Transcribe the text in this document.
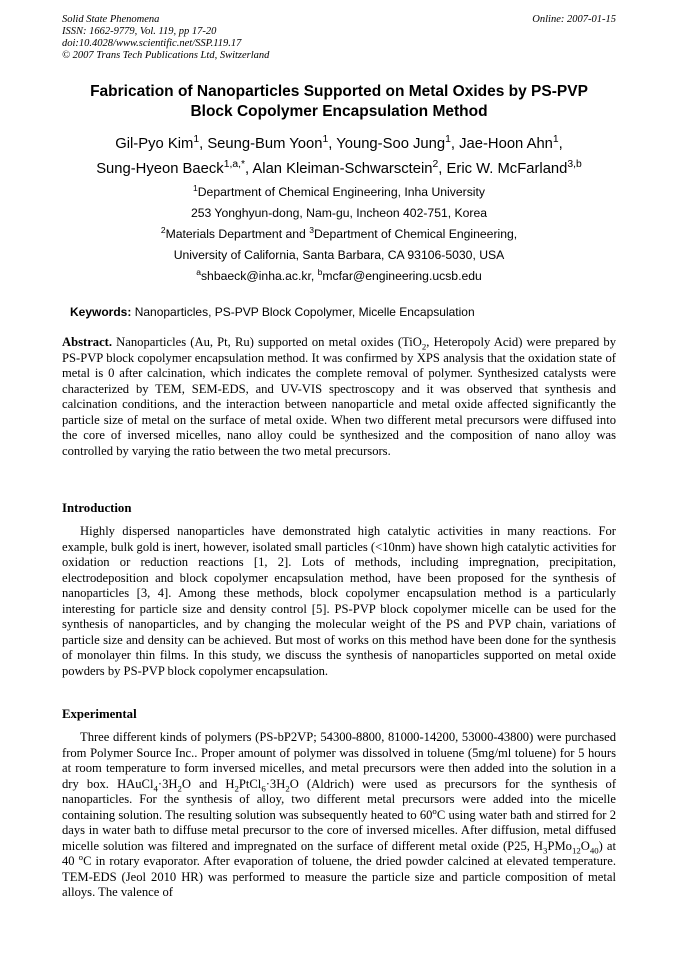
Solid State Phenomena
ISSN: 1662-9779, Vol. 119, pp 17-20
doi:10.4028/www.scientific.net/SSP.119.17
© 2007 Trans Tech Publications Ltd, Switzerland
Online: 2007-01-15
Fabrication of Nanoparticles Supported on Metal Oxides by PS-PVP
Block Copolymer Encapsulation Method
Gil-Pyo Kim$^1$, Seung-Bum Yoon$^1$, Young-Soo Jung$^1$, Jae-Hoon Ahn$^1$,
Sung-Hyeon Baeck$^{1,a,*}$, Alan Kleiman-Schwarsctein$^2$, Eric W. McFarland$^{3,b}$
$^1$Department of Chemical Engineering, Inha University
253 Yonghyun-dong, Nam-gu, Incheon 402-751, Korea
$^2$Materials Department and $^3$Department of Chemical Engineering,
University of California, Santa Barbara, CA 93106-5030, USA
$^a$shbaeck@inha.ac.kr, $^b$mcfar@engineering.ucsb.edu
Keywords: Nanoparticles, PS-PVP Block Copolymer, Micelle Encapsulation
Abstract. Nanoparticles (Au, Pt, Ru) supported on metal oxides (TiO$_2$, Heteropoly Acid) were prepared by PS-PVP block copolymer encapsulation method. It was confirmed by XPS analysis that the oxidation state of metal is 0 after calcination, which indicates the complete removal of polymer. Synthesized catalysts were characterized by TEM, SEM-EDS, and UV-VIS spectroscopy and it was observed that synthesis and calcination conditions, and the interaction between nanoparticle and metal oxide affected significantly the particle size of metal on the surface of metal oxide. When two different metal precursors were diffused into the core of inversed micelles, nano alloy could be synthesized and the composition of nano alloy was controlled by varying the ratio between the two metal precursors.
Introduction
Highly dispersed nanoparticles have demonstrated high catalytic activities in many reactions. For example, bulk gold is inert, however, isolated small particles (<10nm) have shown high catalytic activities for oxidation or reduction reactions [1, 2]. Lots of methods, including impregnation, precipitation, electrodeposition and block copolymer encapsulation method, have been proposed for the synthesis of nanoparticles [3, 4]. Among these methods, block copolymer encapsulation method is a particularly interesting for particle size and density control [5]. PS-PVP block copolymer micelle can be used for the synthesis of nanoparticles, and by changing the molecular weight of the PS and PVP chain, variations of particle size and density can be achieved. But most of works on this method have been done for the synthesis of monolayer thin films. In this study, we discuss the synthesis of nanoparticles supported on metal oxide powders by PS-PVP block copolymer encapsulation.
Experimental
Three different kinds of polymers (PS-bP2VP; 54300-8800, 81000-14200, 53000-43800) were purchased from Polymer Source Inc.. Proper amount of polymer was dissolved in toluene (5mg/ml toluene) for 5 hours at room temperature to form inversed micelles, and metal precursors were then added into the solution in a dry box. $HAuCl_4\cdot 3H_2O$ and $H_2PtCl_6\cdot 3H_2O$ (Aldrich) were used as precursors for the synthesis of nanoparticles. For the synthesis of alloy, two different metal precursors were added into the micelle containing solution. The resulting solution was subsequently heated to 60$^o$C using water bath and stirred for 2 days in water bath to diffuse metal precursor to the core of inversed micelles. After diffusion, metal diffused micelle solution was filtered and impregnated on the surface of different metal oxide (P25, $H_3PMo_{12}O_{40}$) at 40 $^o$C in rotary evaporator. After evaporation of toluene, the dried powder calcined at elevated temperature. TEM-EDS (Jeol 2010 HR) was performed to measure the particle size and particle composition of metal alloys. The valence of
